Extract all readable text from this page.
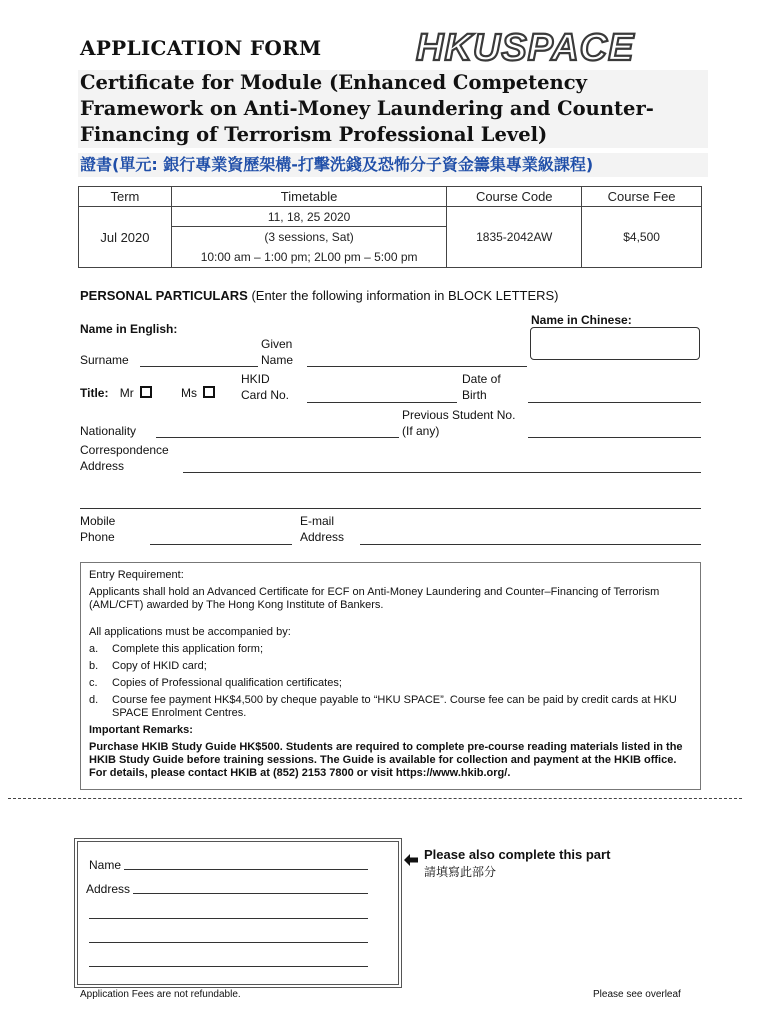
APPLICATION FORM HKUSPACE
Certificate for Module (Enhanced Competency Framework on Anti-Money Laundering and Counter-Financing of Terrorism Professional Level)
證書(單元: 銀行專業資歷架構-打擊洗錢及恐怖分子資金籌集專業級課程)
Term	Timetable	Course Code	Course Fee
Jul 2020	11, 18, 25 2020
(3 sessions, Sat)
10:00 am – 1:00 pm; 2L00 pm – 5:00 pm	1835-2042AW	$4,500
PERSONAL PARTICULARS (Enter the following information in BLOCK LETTERS)
Name in Chinese:
Name in English:
Surname
Given
Name
Title: Mr	Ms
HKID
Card No.
Date of
Birth
Nationality
Previous Student No.
(If any)
Correspondence
Address
Mobile
Phone
E-mail
Address
Entry Requirement:
Applicants shall hold an Advanced Certificate for ECF on Anti-Money Laundering and Counter–Financing of Terrorism (AML/CFT) awarded by The Hong Kong Institute of Bankers.
All applications must be accompanied by:
a.	Complete this application form;
b.	Copy of HKID card;
c.	Copies of Professional qualification certificates;
d.	Course fee payment HK$4,500 by cheque payable to “HKU SPACE”. Course fee can be paid by credit cards at HKU SPACE Enrolment Centres.
Important Remarks:
Purchase HKIB Study Guide HK$500. Students are required to complete pre-course reading materials listed in the HKIB Study Guide before training sessions. The Guide is available for collection and payment at the HKIB office. For details, please contact HKIB at (852) 2153 7800 or visit https://www.hkib.org/.
Name
Address
Please also complete this part
請填寫此部分
Application Fees are not refundable.	Please see overleaf
